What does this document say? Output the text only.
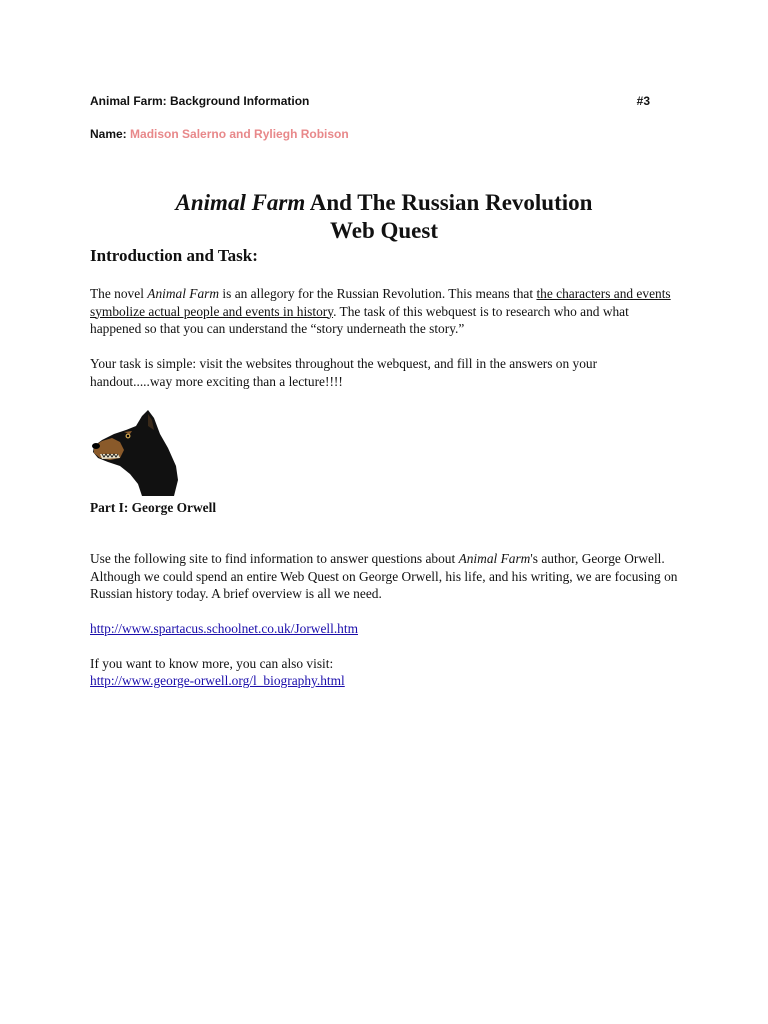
Animal Farm: Background Information	#3
Name: Madison Salerno and Ryliegh Robison
Animal Farm And The Russian Revolution
Web Quest
Introduction and Task:
The novel Animal Farm is an allegory for the Russian Revolution. This means that the characters and events symbolize actual people and events in history. The task of this webquest is to research who and what happened so that you can understand the “story underneath the story.”
Your task is simple: visit the websites throughout the webquest, and fill in the answers on your handout.....way more exciting than a lecture!!!!
Part I: George Orwell
Use the following site to find information to answer questions about Animal Farm's author, George Orwell. Although we could spend an entire Web Quest on George Orwell, his life, and his writing, we are focusing on Russian history today. A brief overview is all we need.
http://www.spartacus.schoolnet.co.uk/Jorwell.htm
If you want to know more, you can also visit:
http://www.george-orwell.org/l_biography.html
